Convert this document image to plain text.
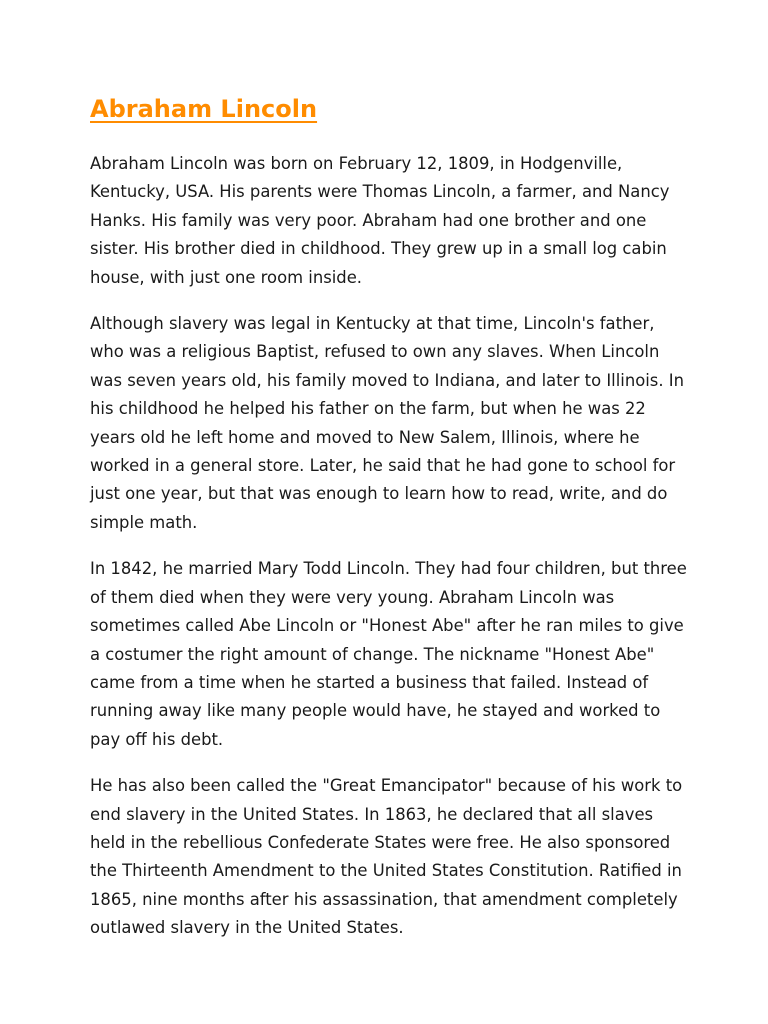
Abraham Lincoln

Abraham Lincoln was born on February 12, 1809, in Hodgenville, Kentucky, USA. His parents were Thomas Lincoln, a farmer, and Nancy Hanks. His family was very poor. Abraham had one brother and one sister. His brother died in childhood. They grew up in a small log cabin house, with just one room inside.

Although slavery was legal in Kentucky at that time, Lincoln's father, who was a religious Baptist, refused to own any slaves. When Lincoln was seven years old, his family moved to Indiana, and later to Illinois. In his childhood he helped his father on the farm, but when he was 22 years old he left home and moved to New Salem, Illinois, where he worked in a general store. Later, he said that he had gone to school for just one year, but that was enough to learn how to read, write, and do simple math.

In 1842, he married Mary Todd Lincoln. They had four children, but three of them died when they were very young. Abraham Lincoln was sometimes called Abe Lincoln or "Honest Abe" after he ran miles to give a costumer the right amount of change. The nickname "Honest Abe" came from a time when he started a business that failed. Instead of running away like many people would have, he stayed and worked to pay off his debt.

He has also been called the "Great Emancipator" because of his work to end slavery in the United States. In 1863, he declared that all slaves held in the rebellious Confederate States were free. He also sponsored the Thirteenth Amendment to the United States Constitution. Ratified in 1865, nine months after his assassination, that amendment completely outlawed slavery in the United States.
